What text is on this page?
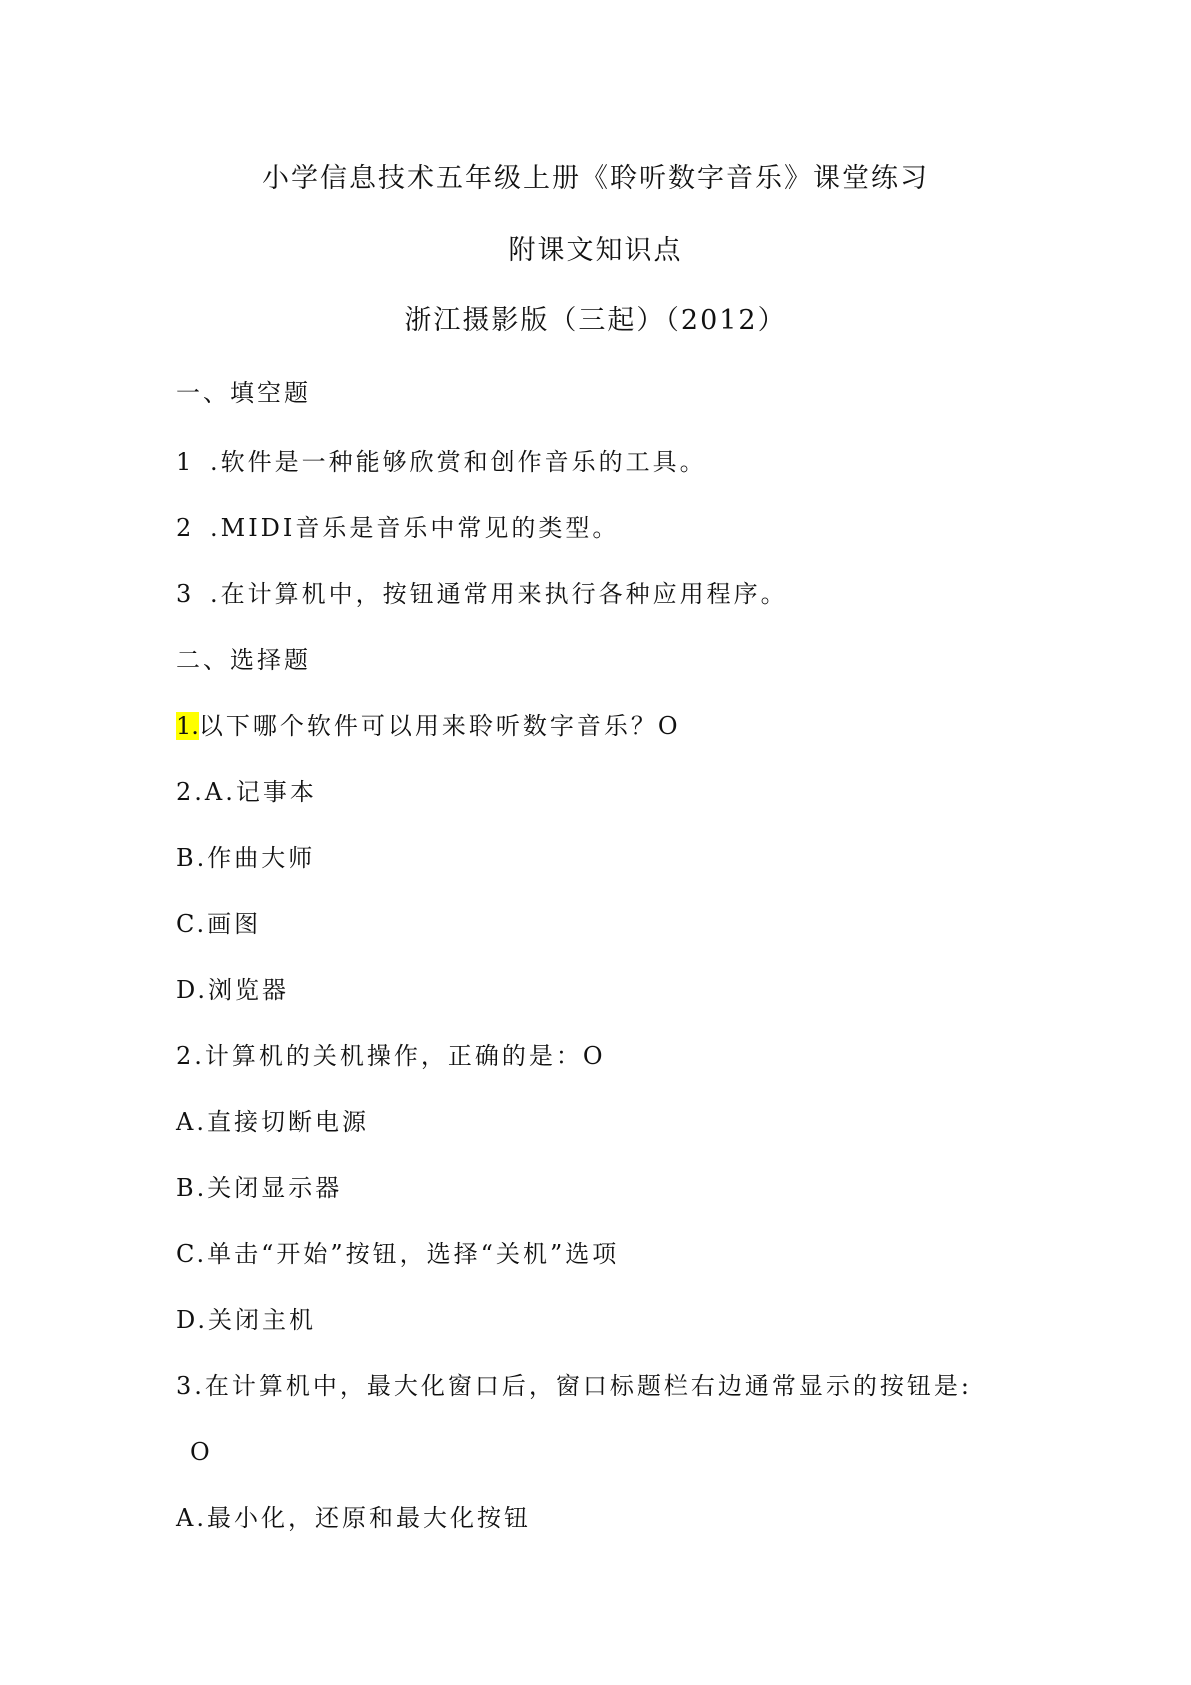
小学信息技术五年级上册《聆听数字音乐》课堂练习
附课文知识点
浙江摄影版（三起）（2012）
一、填空题
1 .软件是一种能够欣赏和创作音乐的工具。
2 .MIDI音乐是音乐中常见的类型。
3 .在计算机中，按钮通常用来执行各种应用程序。
二、选择题
1.以下哪个软件可以用来聆听数字音乐？O
2.A.记事本
B.作曲大师
C.画图
D.浏览器
2.计算机的关机操作，正确的是：O
A.直接切断电源
B.关闭显示器
C.单击“开始”按钮，选择“关机”选项
D.关闭主机
3.在计算机中，最大化窗口后，窗口标题栏右边通常显示的按钮是:
O
A.最小化，还原和最大化按钮
